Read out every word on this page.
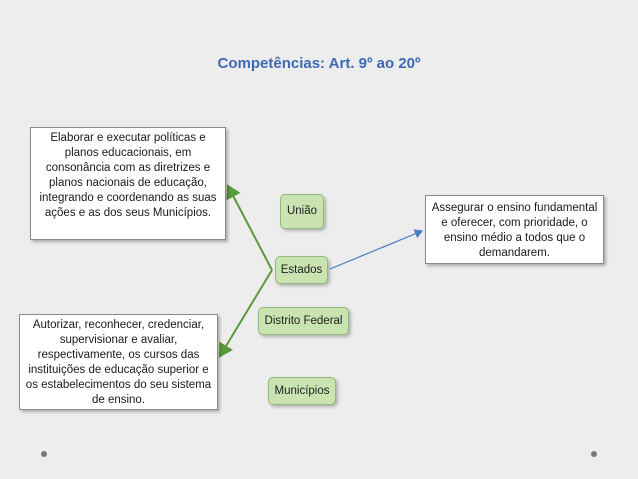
Competências: Art. 9º ao 20º
Elaborar e executar políticas e planos educacionais, em consonância com as diretrizes e planos nacionais de educação, integrando e coordenando as suas ações e as dos seus Municípios.
Autorizar, reconhecer, credenciar, supervisionar e avaliar, respectivamente, os cursos das instituições de educação superior e os estabelecimentos do seu sistema de ensino.
Assegurar o ensino fundamental e oferecer, com prioridade, o ensino médio a todos que o demandarem.
União
Estados
Distrito Federal
Municípios
